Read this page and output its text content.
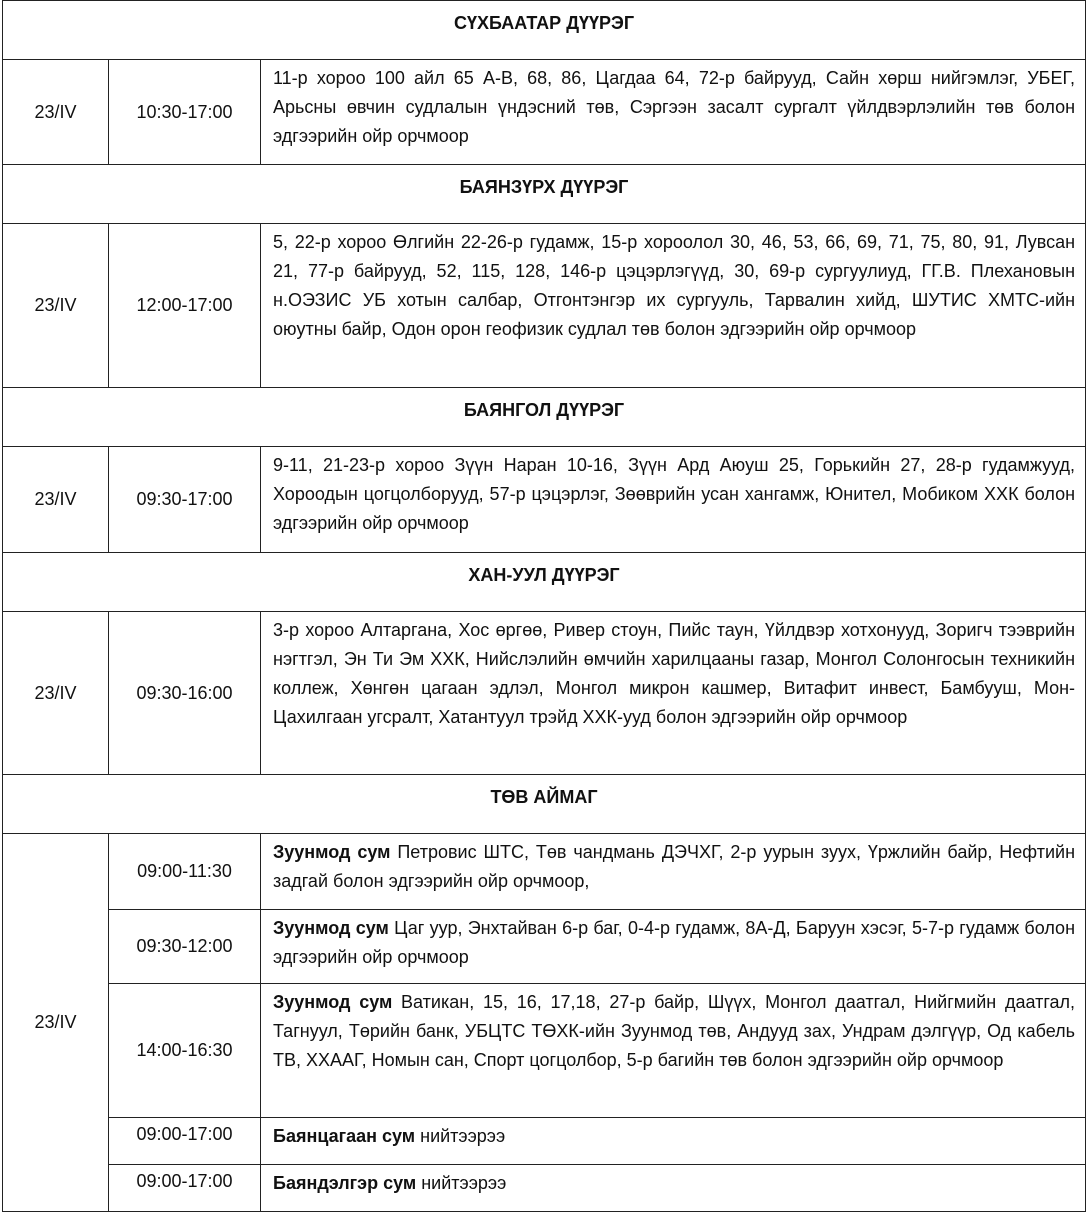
СҮХБААТАР ДҮҮРЭГ		
23/IV	10:30-17:00	11-р хороо 100 айл 65 А-В, 68, 86, Цагдаа 64, 72-р байрууд, Сайн хөрш нийгэмлэг, УБЕГ, Арьсны өвчин судлалын үндэсний төв, Сэргээн засалт сургалт үйлдвэрлэлийн төв болон эдгээрийн ойр орчмоор
БАЯНЗҮРХ ДҮҮРЭГ		
23/IV	12:00-17:00	5, 22-р хороо Өлгийн 22-26-р гудамж, 15-р хороолол 30, 46, 53, 66, 69, 71, 75, 80, 91, Лувсан 21, 77-р байрууд, 52, 115, 128, 146-р цэцэрлэгүүд, 30, 69-р сургуулиуд, ГГ.В. Плехановын н.ОЭЗИС УБ хотын салбар, Отгонтэнгэр их сургууль, Тарвалин хийд, ШУТИС ХМТС-ийн оюутны байр, Одон орон геофизик судлал төв болон эдгээрийн ойр орчмоор
БАЯНГОЛ ДҮҮРЭГ		
23/IV	09:30-17:00	9-11, 21-23-р хороо Зүүн Наран 10-16, Зүүн Ард Аюуш 25, Горькийн 27, 28-р гудамжууд, Хороодын цогцолборууд, 57-р цэцэрлэг, Зөөврийн усан хангамж, Юнител, Мобиком ХХК болон эдгээрийн ойр орчмоор
ХАН-УУЛ ДҮҮРЭГ		
23/IV	09:30-16:00	3-р хороо Алтаргана, Хос өргөө, Ривер стоун, Пийс таун, Үйлдвэр хотхонууд, Зоригч тээврийн нэгтгэл, Эн Ти Эм ХХК, Нийслэлийн өмчийн харилцааны газар, Монгол Солонгосын техникийн коллеж, Хөнгөн цагаан эдлэл, Монгол микрон кашмер, Витафит инвест, Бамбууш, Мон-Цахилгаан угсралт, Хатантуул трэйд ХХК-ууд болон эдгээрийн ойр орчмоор
ТӨВ АЙМАГ		
23/IV	09:00-11:30	Зуунмод сум Петровис ШТС, Төв чандмань ДЭЧХГ, 2-р уурын зуух, Үржлийн байр, Нефтийн задгай болон эдгээрийн ойр орчмоор,
	09:30-12:00	Зуунмод сум Цаг уур, Энхтайван 6-р баг, 0-4-р гудамж, 8А-Д, Баруун хэсэг, 5-7-р гудамж болон эдгээрийн ойр орчмоор
	14:00-16:30	Зуунмод сум Ватикан, 15, 16, 17,18, 27-р байр, Шүүх, Монгол даатгал, Нийгмийн даатгал, Тагнуул, Төрийн банк, УБЦТС ТӨХК-ийн Зуунмод төв, Андууд зах, Ундрам дэлгүүр, Од кабель ТВ, ХХААГ, Номын сан, Спорт цогцолбор, 5-р багийн төв болон эдгээрийн ойр орчмоор
	09:00-17:00	Баянцагаан сум нийтээрээ
	09:00-17:00	Баяндэлгэр сум нийтээрээ
